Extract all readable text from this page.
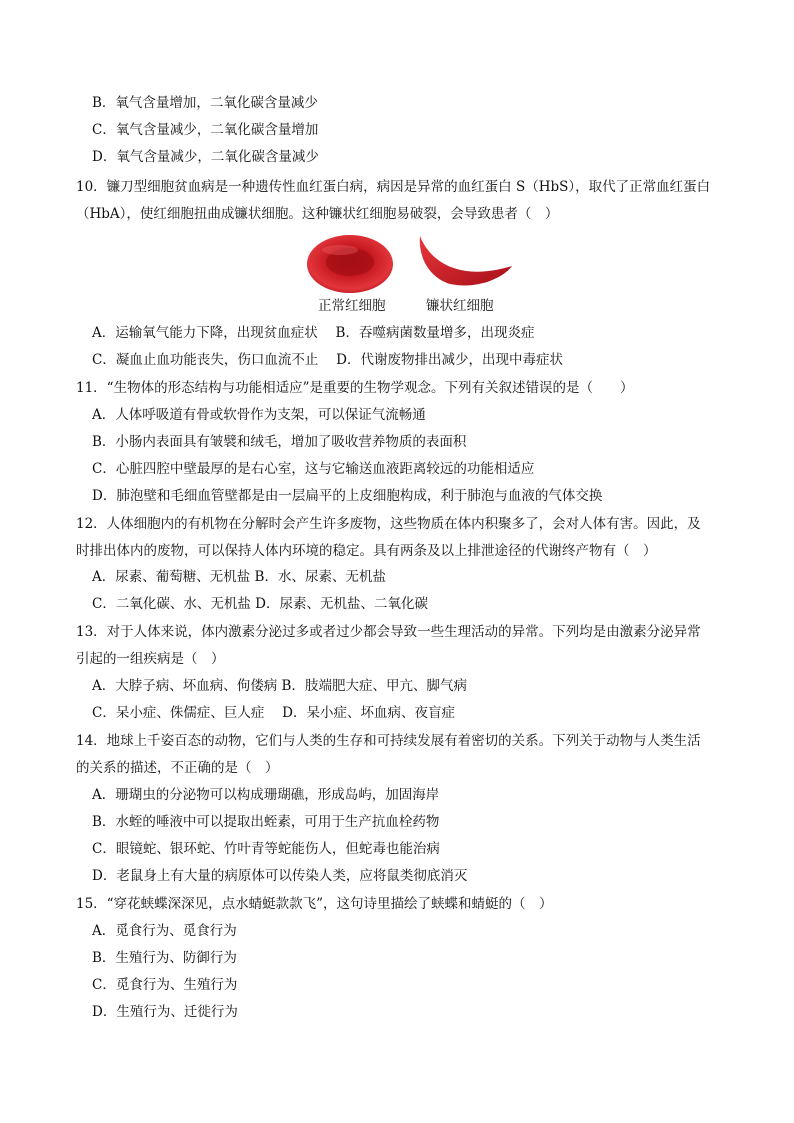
B．氧气含量增加，二氧化碳含量减少
C．氧气含量减少，二氧化碳含量增加
D．氧气含量减少，二氧化碳含量减少
10．镰刀型细胞贫血病是一种遗传性血红蛋白病，病因是异常的血红蛋白 S（HbS），取代了正常血红蛋白
（HbA），使红细胞扭曲成镰状细胞。这种镰状红细胞易破裂，会导致患者（　）
正常红细胞	镰状红细胞
A．运输氧气能力下降，出现贫血症状　 B．吞噬病菌数量增多，出现炎症
C．凝血止血功能丧失，伤口血流不止　 D．代谢废物排出减少，出现中毒症状
11．“生物体的形态结构与功能相适应”是重要的生物学观念。下列有关叙述错误的是（　　）
A．人体呼吸道有骨或软骨作为支架，可以保证气流畅通
B．小肠内表面具有皱襞和绒毛，增加了吸收营养物质的表面积
C．心脏四腔中壁最厚的是右心室，这与它输送血液距离较远的功能相适应
D．肺泡壁和毛细血管壁都是由一层扁平的上皮细胞构成，利于肺泡与血液的气体交换
12．人体细胞内的有机物在分解时会产生许多废物，这些物质在体内积聚多了，会对人体有害。因此，及
时排出体内的废物，可以保持人体内环境的稳定。具有两条及以上排泄途径的代谢终产物有（　）
A．尿素、葡萄糖、无机盐 B．水、尿素、无机盐
C．二氧化碳、水、无机盐 D．尿素、无机盐、二氧化碳
13．对于人体来说，体内激素分泌过多或者过少都会导致一些生理活动的异常。下列均是由激素分泌异常
引起的一组疾病是（　）
A．大脖子病、坏血病、佝偻病 B．肢端肥大症、甲亢、脚气病
C．呆小症、侏儒症、巨人症　 D．呆小症、坏血病、夜盲症
14．地球上千姿百态的动物，它们与人类的生存和可持续发展有着密切的关系。下列关于动物与人类生活
的关系的描述，不正确的是（　）
A．珊瑚虫的分泌物可以构成珊瑚礁，形成岛屿，加固海岸
B．水蛭的唾液中可以提取出蛭素，可用于生产抗血栓药物
C．眼镜蛇、银环蛇、竹叶青等蛇能伤人，但蛇毒也能治病
D．老鼠身上有大量的病原体可以传染人类，应将鼠类彻底消灭
15．“穿花蛱蝶深深见，点水蜻蜓款款飞”，这句诗里描绘了蛱蝶和蜻蜓的（　）
A．觅食行为、觅食行为
B．生殖行为、防御行为
C．觅食行为、生殖行为
D．生殖行为、迁徙行为
